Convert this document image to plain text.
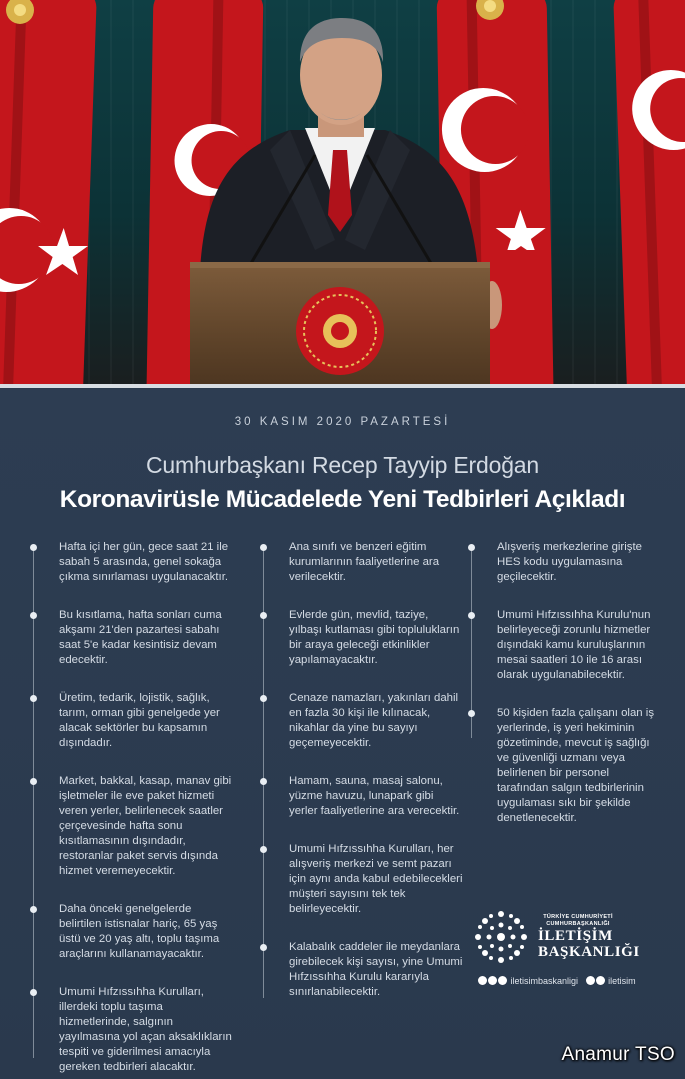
30 KASIM 2020 PAZARTESİ
Cumhurbaşkanı Recep Tayyip Erdoğan
Koronavirüsle Mücadelede Yeni Tedbirleri Açıkladı
Hafta içi her gün, gece saat 21 ile sabah 5 arasında, genel sokağa çıkma sınırlaması uygulanacaktır.
Bu kısıtlama, hafta sonları cuma akşamı 21'den pazartesi sabahı saat 5'e kadar kesintisiz devam edecektir.
Üretim, tedarik, lojistik, sağlık, tarım, orman gibi genelgede yer alacak sektörler bu kapsamın dışındadır.
Market, bakkal, kasap, manav gibi işletmeler ile eve paket hizmeti veren yerler, belirlenecek saatler çerçevesinde hafta sonu kısıtlamasının dışındadır, restoranlar paket servis dışında hizmet veremeyecektir.
Daha önceki genelgelerde belirtilen istisnalar hariç, 65 yaş üstü ve 20 yaş altı, toplu taşıma araçlarını kullanamayacaktır.
Umumi Hıfzıssıhha Kurulları, illerdeki toplu taşıma hizmetlerinde, salgının yayılmasına yol açan aksaklıkların tespiti ve giderilmesi amacıyla gereken tedbirleri alacaktır.
Ana sınıfı ve benzeri eğitim kurumlarının faaliyetlerine ara verilecektir.
Evlerde gün, mevlid, taziye, yılbaşı kutlaması gibi toplulukların bir araya geleceği etkinlikler yapılamayacaktır.
Cenaze namazları, yakınları dahil en fazla 30 kişi ile kılınacak, nikahlar da yine bu sayıyı geçemeyecektir.
Hamam, sauna, masaj salonu, yüzme havuzu, lunapark gibi yerler faaliyetlerine ara verecektir.
Umumi Hıfzıssıhha Kurulları, her alışveriş merkezi ve semt pazarı için aynı anda kabul edebilecekleri müşteri sayısını tek tek belirleyecektir.
Kalabalık caddeler ile meydanlara girebilecek kişi sayısı, yine Umumi Hıfzıssıhha Kurulu kararıyla sınırlanabilecektir.
Alışveriş merkezlerine girişte HES kodu uygulamasına geçilecektir.
Umumi Hıfzıssıhha Kurulu'nun belirleyeceği zorunlu hizmetler dışındaki kamu kuruluşlarının mesai saatleri 10 ile 16 arası olarak uygulanabilecektir.
50 kişiden fazla çalışanı olan iş yerlerinde, iş yeri hekiminin gözetiminde, mevcut iş sağlığı ve güvenliği uzmanı veya belirlenen bir personel tarafından salgın tedbirlerinin uygulaması sıkı bir şekilde denetlenecektir.
TÜRKİYE CUMHURİYETİ
CUMHURBAŞKANLIĞI
İLETİŞİM
BAŞKANLIĞI
iletisimbaskanligi	iletisim
Anamur TSO
